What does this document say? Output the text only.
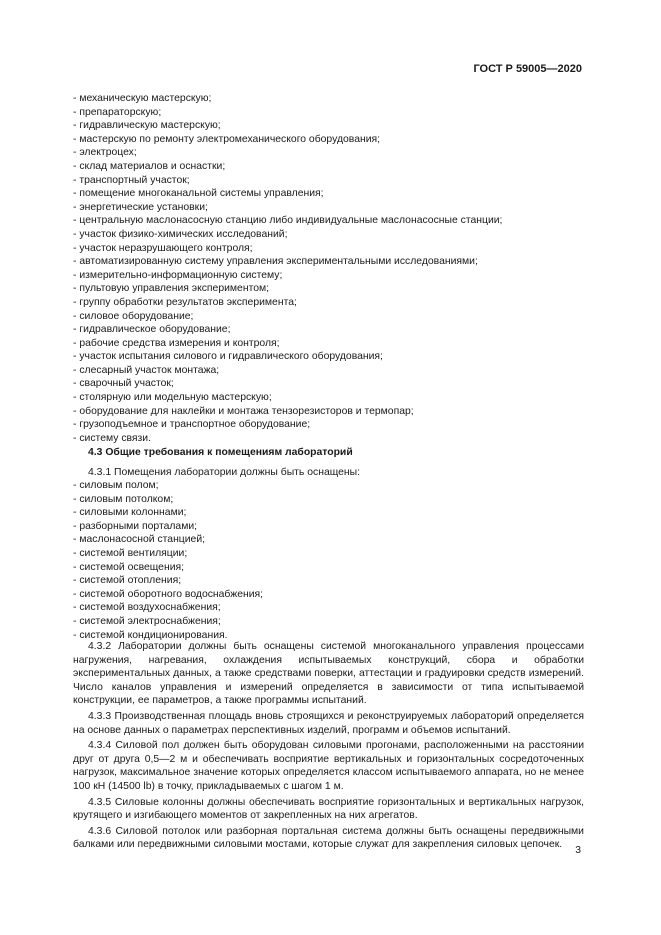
ГОСТ Р 59005—2020
- механическую мастерскую;
- препараторскую;
- гидравлическую мастерскую;
- мастерскую по ремонту электромеханического оборудования;
- электроцех;
- склад материалов и оснастки;
- транспортный участок;
- помещение многоканальной системы управления;
- энергетические установки;
- центральную маслонасосную станцию либо индивидуальные маслонасосные станции;
- участок физико-химических исследований;
- участок неразрушающего контроля;
- автоматизированную систему управления экспериментальными исследованиями;
- измерительно-информационную систему;
- пультовую управления экспериментом;
- группу обработки результатов эксперимента;
- силовое оборудование;
- гидравлическое оборудование;
- рабочие средства измерения и контроля;
- участок испытания силового и гидравлического оборудования;
- слесарный участок монтажа;
- сварочный участок;
- столярную или модельную мастерскую;
- оборудование для наклейки и монтажа тензорезисторов и термопар;
- грузоподъемное и транспортное оборудование;
- систему связи.
4.3 Общие требования к помещениям лабораторий
4.3.1 Помещения лаборатории должны быть оснащены:
- силовым полом;
- силовым потолком;
- силовыми колоннами;
- разборными порталами;
- маслонасосной станцией;
- системой вентиляции;
- системой освещения;
- системой отопления;
- системой оборотного водоснабжения;
- системой воздухоснабжения;
- системой электроснабжения;
- системой кондиционирования.

4.3.2 Лаборатории должны быть оснащены системой многоканального управления процессами нагружения, нагревания, охлаждения испытываемых конструкций, сбора и обработки экспериментальных данных, а также средствами поверки, аттестации и градуировки средств измерений. Число каналов управления и измерений определяется в зависимости от типа испытываемой конструкции, ее параметров, а также программы испытаний.

4.3.3 Производственная площадь вновь строящихся и реконструируемых лабораторий определяется на основе данных о параметрах перспективных изделий, программ и объемов испытаний.

4.3.4 Силовой пол должен быть оборудован силовыми прогонами, расположенными на расстоянии друг от друга 0,5—2 м и обеспечивать восприятие вертикальных и горизонтальных сосредоточенных нагрузок, максимальное значение которых определяется классом испытываемого аппарата, но не менее 100 кН (14500 lb) в точку, прикладываемых с шагом 1 м.

4.3.5 Силовые колонны должны обеспечивать восприятие горизонтальных и вертикальных нагрузок, крутящего и изгибающего моментов от закрепленных на них агрегатов.

4.3.6 Силовой потолок или разборная портальная система должны быть оснащены передвижными балками или передвижными силовыми мостами, которые служат для закрепления силовых цепочек.

3
